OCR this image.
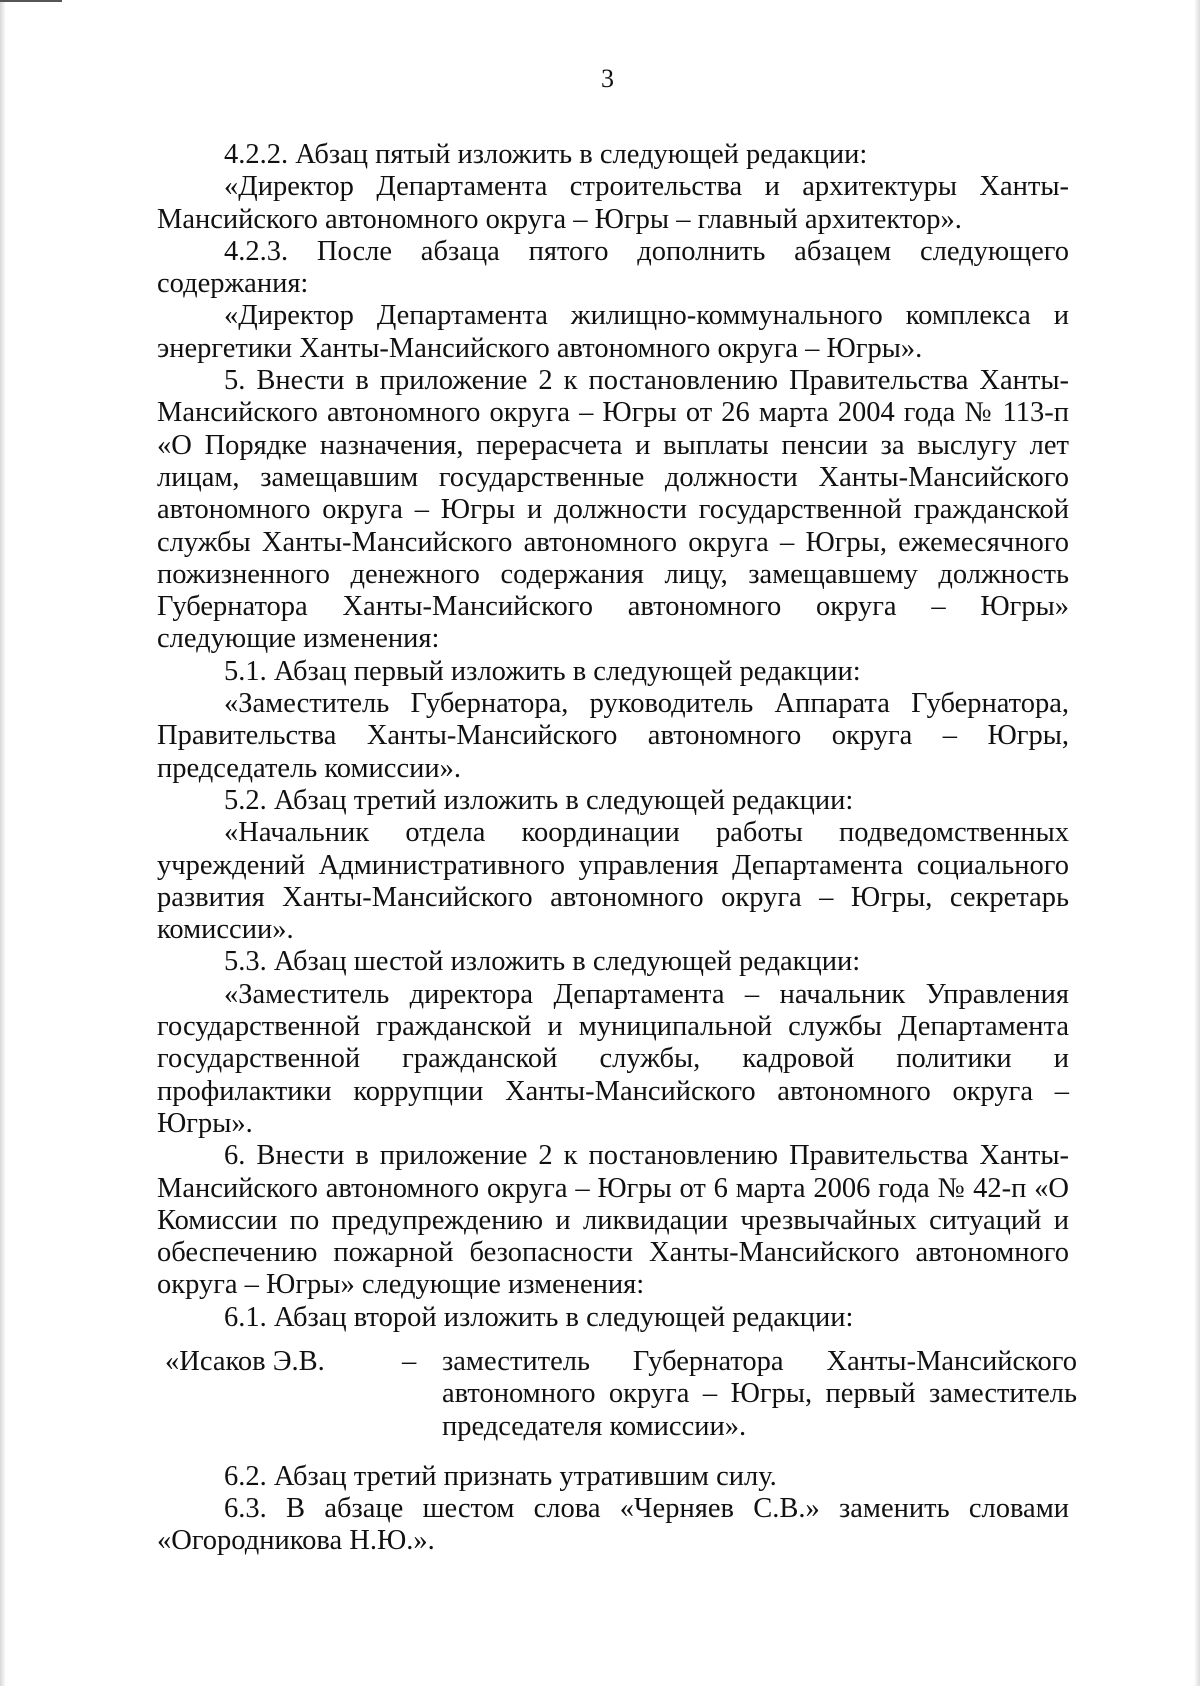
3

4.2.2. Абзац пятый изложить в следующей редакции:

«Директор Департамента строительства и архитектуры Ханты-Мансийского автономного округа – Югры – главный архитектор».

4.2.3. После абзаца пятого дополнить абзацем следующего содержания:

«Директор Департамента жилищно-коммунального комплекса и энергетики Ханты-Мансийского автономного округа – Югры».

5. Внести в приложение 2 к постановлению Правительства Ханты-Мансийского автономного округа – Югры от 26 марта 2004 года № 113-п «О Порядке назначения, перерасчета и выплаты пенсии за выслугу лет лицам, замещавшим государственные должности Ханты-Мансийского автономного округа – Югры и должности государственной гражданской службы Ханты-Мансийского автономного округа – Югры, ежемесячного пожизненного денежного содержания лицу, замещавшему должность Губернатора Ханты-Мансийского автономного округа – Югры» следующие изменения:

5.1. Абзац первый изложить в следующей редакции:

«Заместитель Губернатора, руководитель Аппарата Губернатора, Правительства Ханты-Мансийского автономного округа – Югры, председатель комиссии».

5.2. Абзац третий изложить в следующей редакции:

«Начальник отдела координации работы подведомственных учреждений Административного управления Департамента социального развития Ханты-Мансийского автономного округа – Югры, секретарь комиссии».

5.3. Абзац шестой изложить в следующей редакции:

«Заместитель директора Департамента – начальник Управления государственной гражданской и муниципальной службы Департамента государственной гражданской службы, кадровой политики и профилактики коррупции Ханты-Мансийского автономного округа – Югры».

6. Внести в приложение 2 к постановлению Правительства Ханты-Мансийского автономного округа – Югры от 6 марта 2006 года № 42-п «О Комиссии по предупреждению и ликвидации чрезвычайных ситуаций и обеспечению пожарной безопасности Ханты-Мансийского автономного округа – Югры» следующие изменения:

6.1. Абзац второй изложить в следующей редакции:

«Исаков Э.В.	– заместитель Губернатора Ханты-Мансийского автономного округа – Югры, первый заместитель председателя комиссии».

6.2. Абзац третий признать утратившим силу.

6.3. В абзаце шестом слова «Черняев С.В.» заменить словами «Огородникова Н.Ю.».
